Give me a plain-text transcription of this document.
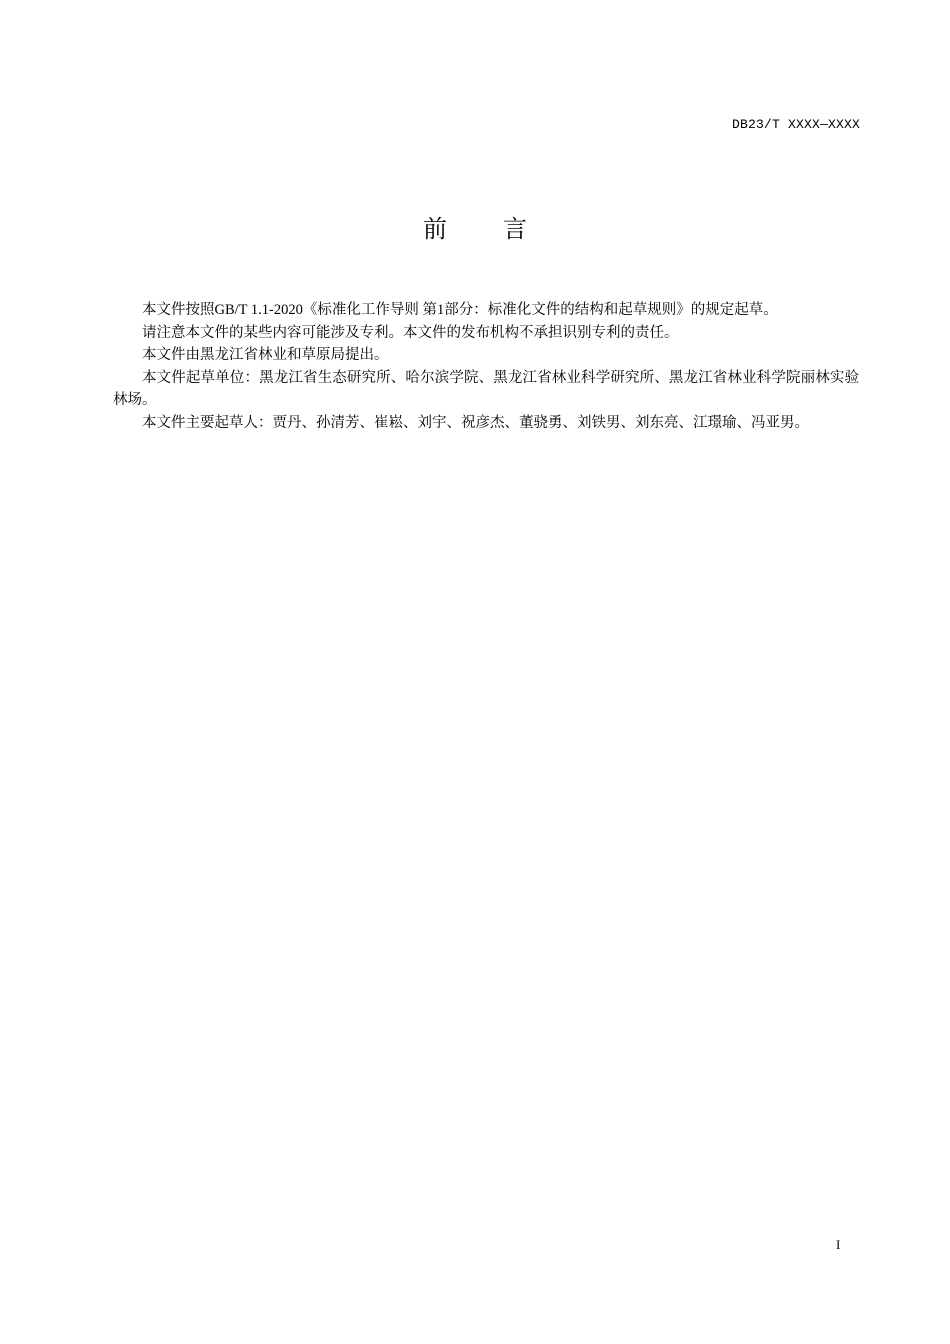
DB23/T XXXX—XXXX
前 言

本文件按照GB/T 1.1-2020《标准化工作导则 第1部分：标准化文件的结构和起草规则》的规定起草。

请注意本文件的某些内容可能涉及专利。本文件的发布机构不承担识别专利的责任。

本文件由黑龙江省林业和草原局提出。

本文件起草单位：黑龙江省生态研究所、哈尔滨学院、黑龙江省林业科学研究所、黑龙江省林业科学院丽林实验林场。

本文件主要起草人：贾丹、孙清芳、崔崧、刘宇、祝彦杰、董骁勇、刘铁男、刘东亮、江璟瑜、冯亚男。

I
